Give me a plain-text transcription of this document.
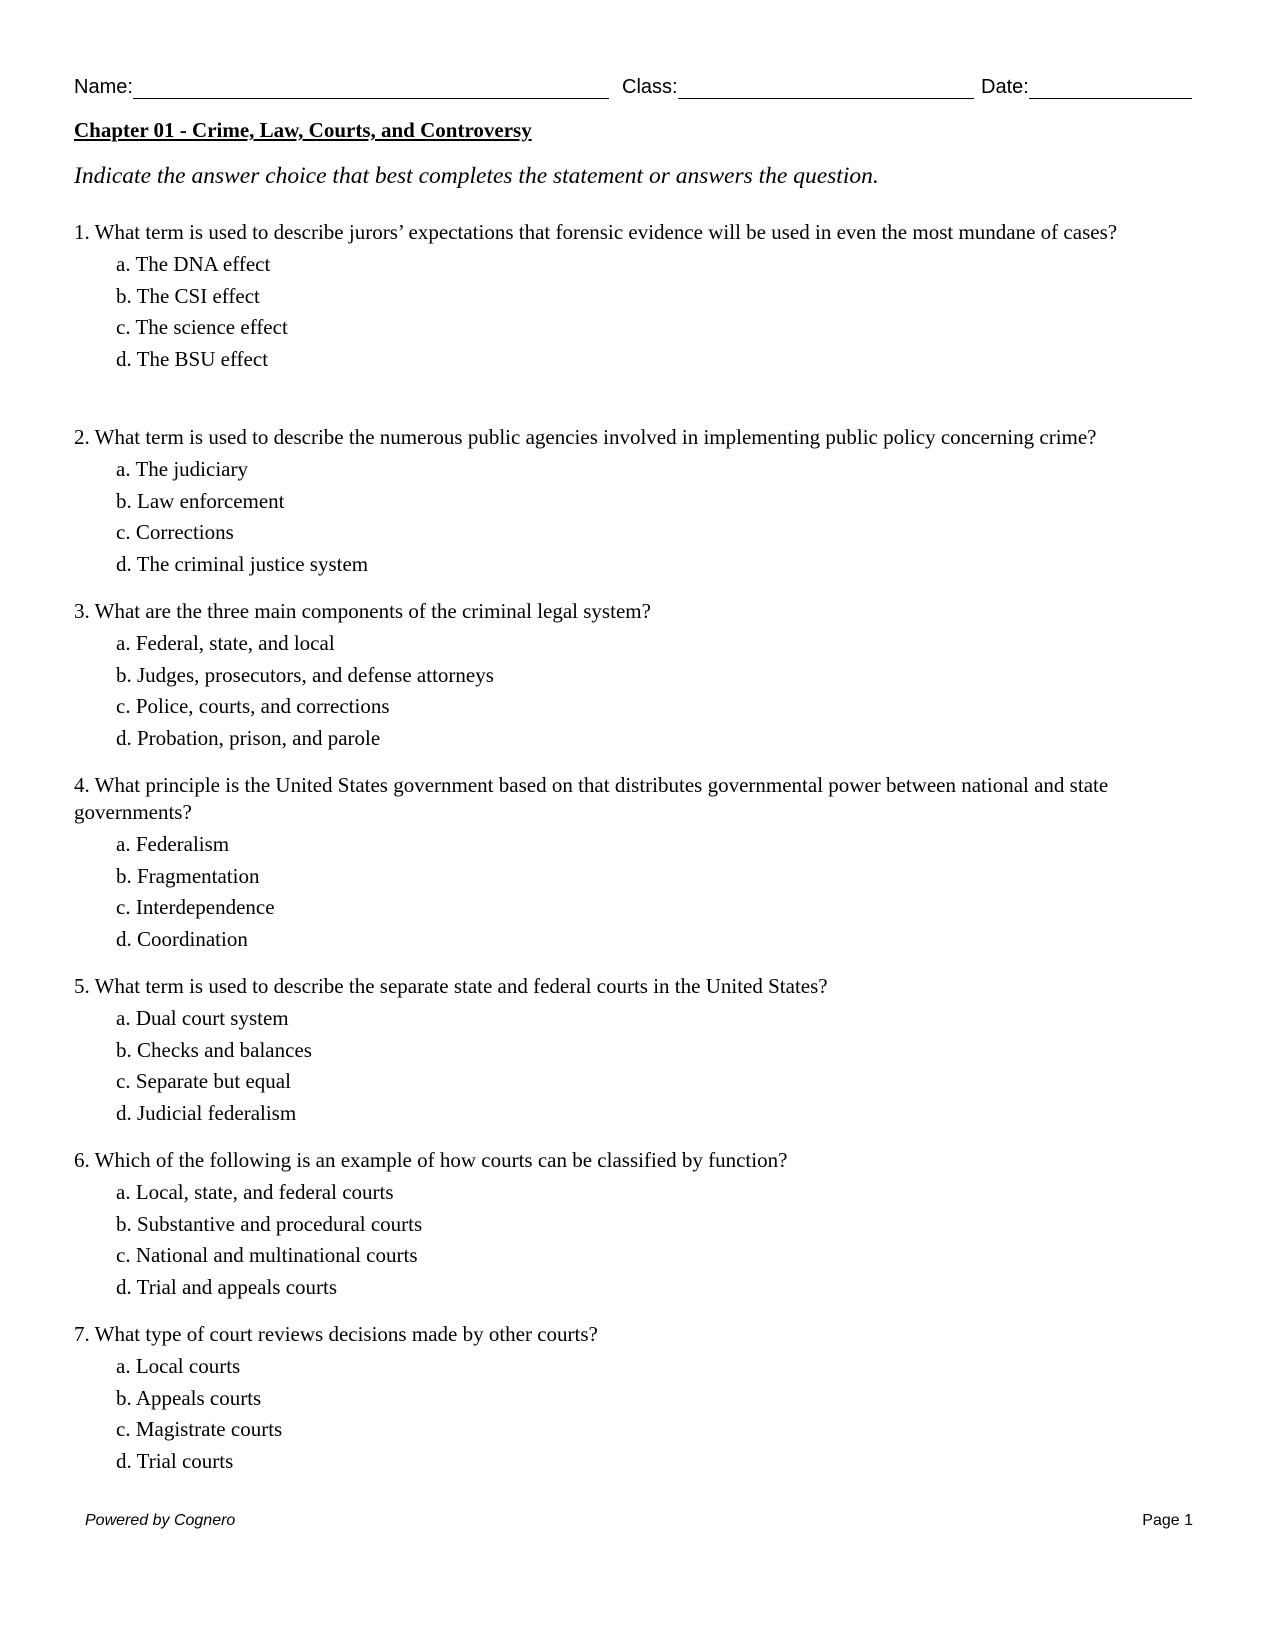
Name:	Class:	Date:
Chapter 01 - Crime, Law, Courts, and Controversy
Indicate the answer choice that best completes the statement or answers the question.

1. What term is used to describe jurors’ expectations that forensic evidence will be used in even the most mundane of cases?

a. The DNA effect
b. The CSI effect
c. The science effect
d. The BSU effect

2. What term is used to describe the numerous public agencies involved in implementing public policy concerning crime?

a. The judiciary
b. Law enforcement
c. Corrections
d. The criminal justice system

3. What are the three main components of the criminal legal system?

a. Federal, state, and local
b. Judges, prosecutors, and defense attorneys
c. Police, courts, and corrections
d. Probation, prison, and parole

4. What principle is the United States government based on that distributes governmental power between national and state governments?

a. Federalism
b. Fragmentation
c. Interdependence
d. Coordination

5. What term is used to describe the separate state and federal courts in the United States?

a. Dual court system
b. Checks and balances
c. Separate but equal
d. Judicial federalism

6. Which of the following is an example of how courts can be classified by function?

a. Local, state, and federal courts
b. Substantive and procedural courts
c. National and multinational courts
d. Trial and appeals courts

7. What type of court reviews decisions made by other courts?

a. Local courts
b. Appeals courts
c. Magistrate courts
d. Trial courts
Powered by Cognero	Page 1
